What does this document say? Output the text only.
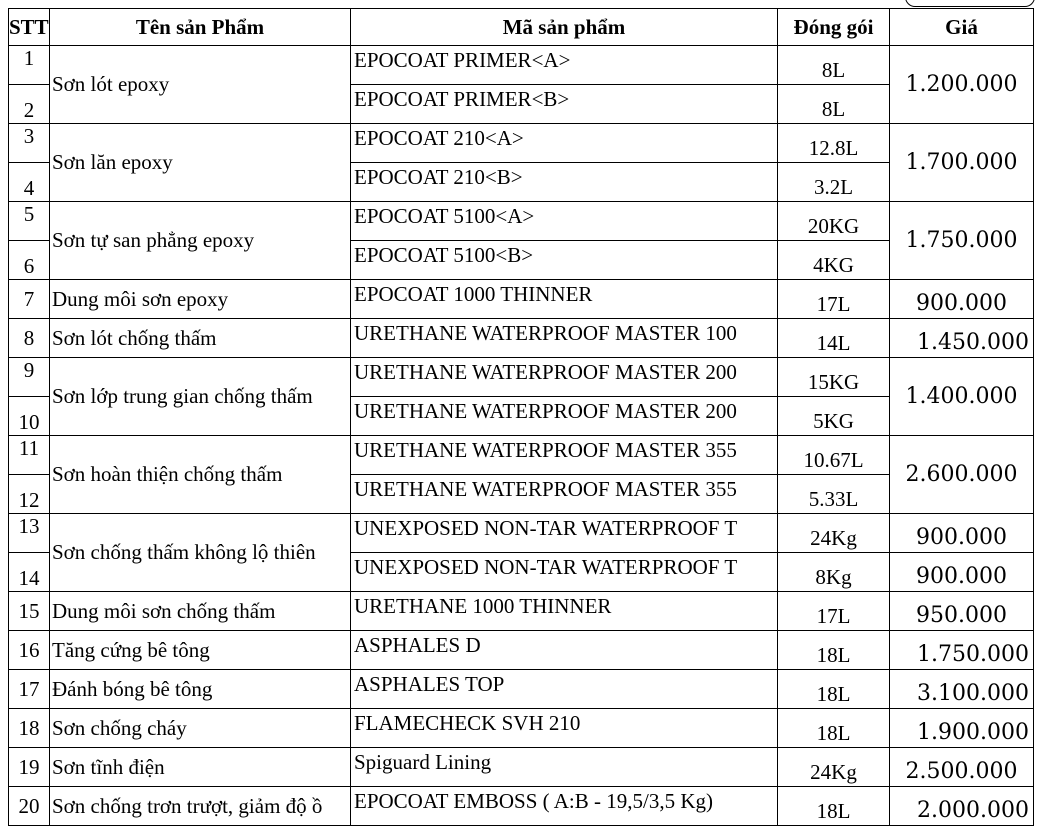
STT	Tên sản Phẩm	Mã sản phẩm	Đóng gói	Giá
1	Sơn lót epoxy	EPOCOAT PRIMER<A>	8L	1.200.000
2		EPOCOAT PRIMER<B>	8L	
3	Sơn lăn epoxy	EPOCOAT 210<A>	12.8L	1.700.000
4		EPOCOAT 210<B>	3.2L	
5	Sơn tự san phẳng epoxy	EPOCOAT 5100<A>	20KG	1.750.000
6		EPOCOAT 5100<B>	4KG	
7	Dung môi sơn epoxy	EPOCOAT 1000 THINNER	17L	900.000
8	Sơn lót chống thấm	URETHANE WATERPROOF MASTER 100	14L	1.450.000
9	Sơn lớp trung gian chống thấm	URETHANE WATERPROOF MASTER 200	15KG	1.400.000
10		URETHANE WATERPROOF MASTER 200	5KG	
11	Sơn hoàn thiện chống thấm	URETHANE WATERPROOF MASTER 355	10.67L	2.600.000
12		URETHANE WATERPROOF MASTER 355	5.33L	
13	Sơn chống thấm không lộ thiên	UNEXPOSED NON-TAR WATERPROOF T	24Kg	900.000
14		UNEXPOSED NON-TAR WATERPROOF T	8Kg	900.000
15	Dung môi sơn chống thấm	URETHANE 1000 THINNER	17L	950.000
16	Tăng cứng bê tông	ASPHALES D	18L	1.750.000
17	Đánh bóng bê tông	ASPHALES TOP	18L	3.100.000
18	Sơn chống cháy	FLAMECHECK SVH 210	18L	1.900.000
19	Sơn tĩnh điện	Spiguard Lining	24Kg	2.500.000
20	Sơn chống trơn trượt, giảm độ ồ	EPOCOAT EMBOSS ( A:B - 19,5/3,5 Kg)	18L	2.000.000
